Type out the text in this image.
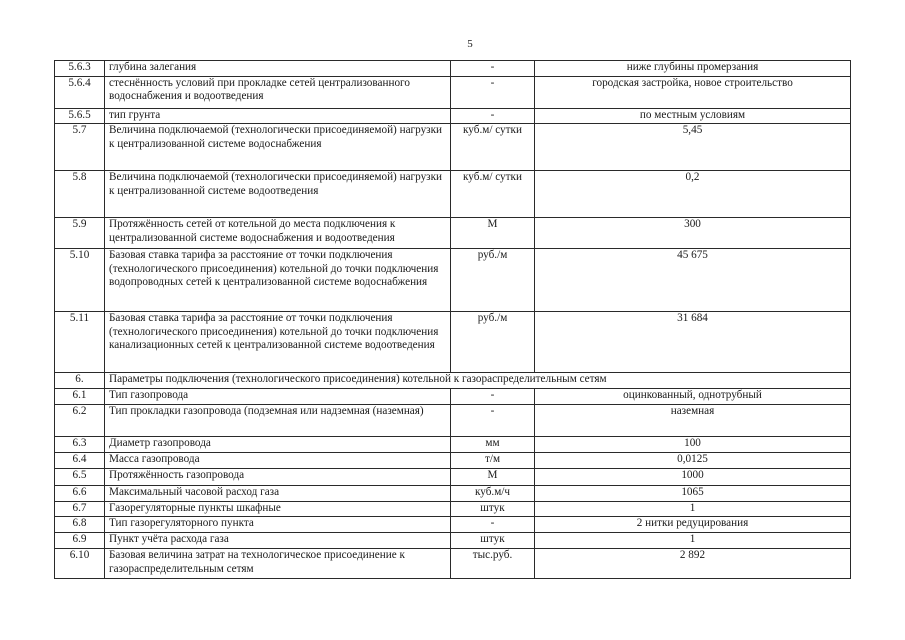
5
5.6.3	глубина залегания	-	ниже глубины промерзания
5.6.4	стеснённость условий при прокладке сетей централизованного водоснабжения и водоотведения	-	городская застройка, новое строительство
5.6.5	тип грунта	-	по местным условиям
5.7	Величина подключаемой (технологически присоединяемой) нагрузки к централизованной системе водоснабжения	куб.м/ сутки	5,45
5.8	Величина подключаемой (технологически присоединяемой) нагрузки к централизованной системе водоотведения	куб.м/ сутки	0,2
5.9	Протяжённость сетей от котельной до места подключения к централизованной системе водоснабжения и водоотведения	М	300
5.10	Базовая ставка тарифа за расстояние от точки подключения (технологического присоединения) котельной до точки подключения водопроводных сетей к централизованной системе водоснабжения	руб./м	45 675
5.11	Базовая ставка тарифа за расстояние от точки подключения (технологического присоединения) котельной до точки подключения канализационных сетей к централизованной системе водоотведения	руб./м	31 684
6.	Параметры подключения (технологического присоединения) котельной к газораспределительным сетям		
6.1	Тип газопровода	-	оцинкованный, однотрубный
6.2	Тип прокладки газопровода (подземная или надземная (наземная)	-	наземная
6.3	Диаметр газопровода	мм	100
6.4	Масса газопровода	т/м	0,0125
6.5	Протяжённость газопровода	М	1000
6.6	Максимальный часовой расход газа	куб.м/ч	1065
6.7	Газорегуляторные пункты шкафные	штук	1
6.8	Тип газорегуляторного пункта	-	2 нитки редуцирования
6.9	Пункт учёта расхода газа	штук	1
6.10	Базовая величина затрат на технологическое присоединение к газораспределительным сетям	тыс.руб.	2 892
